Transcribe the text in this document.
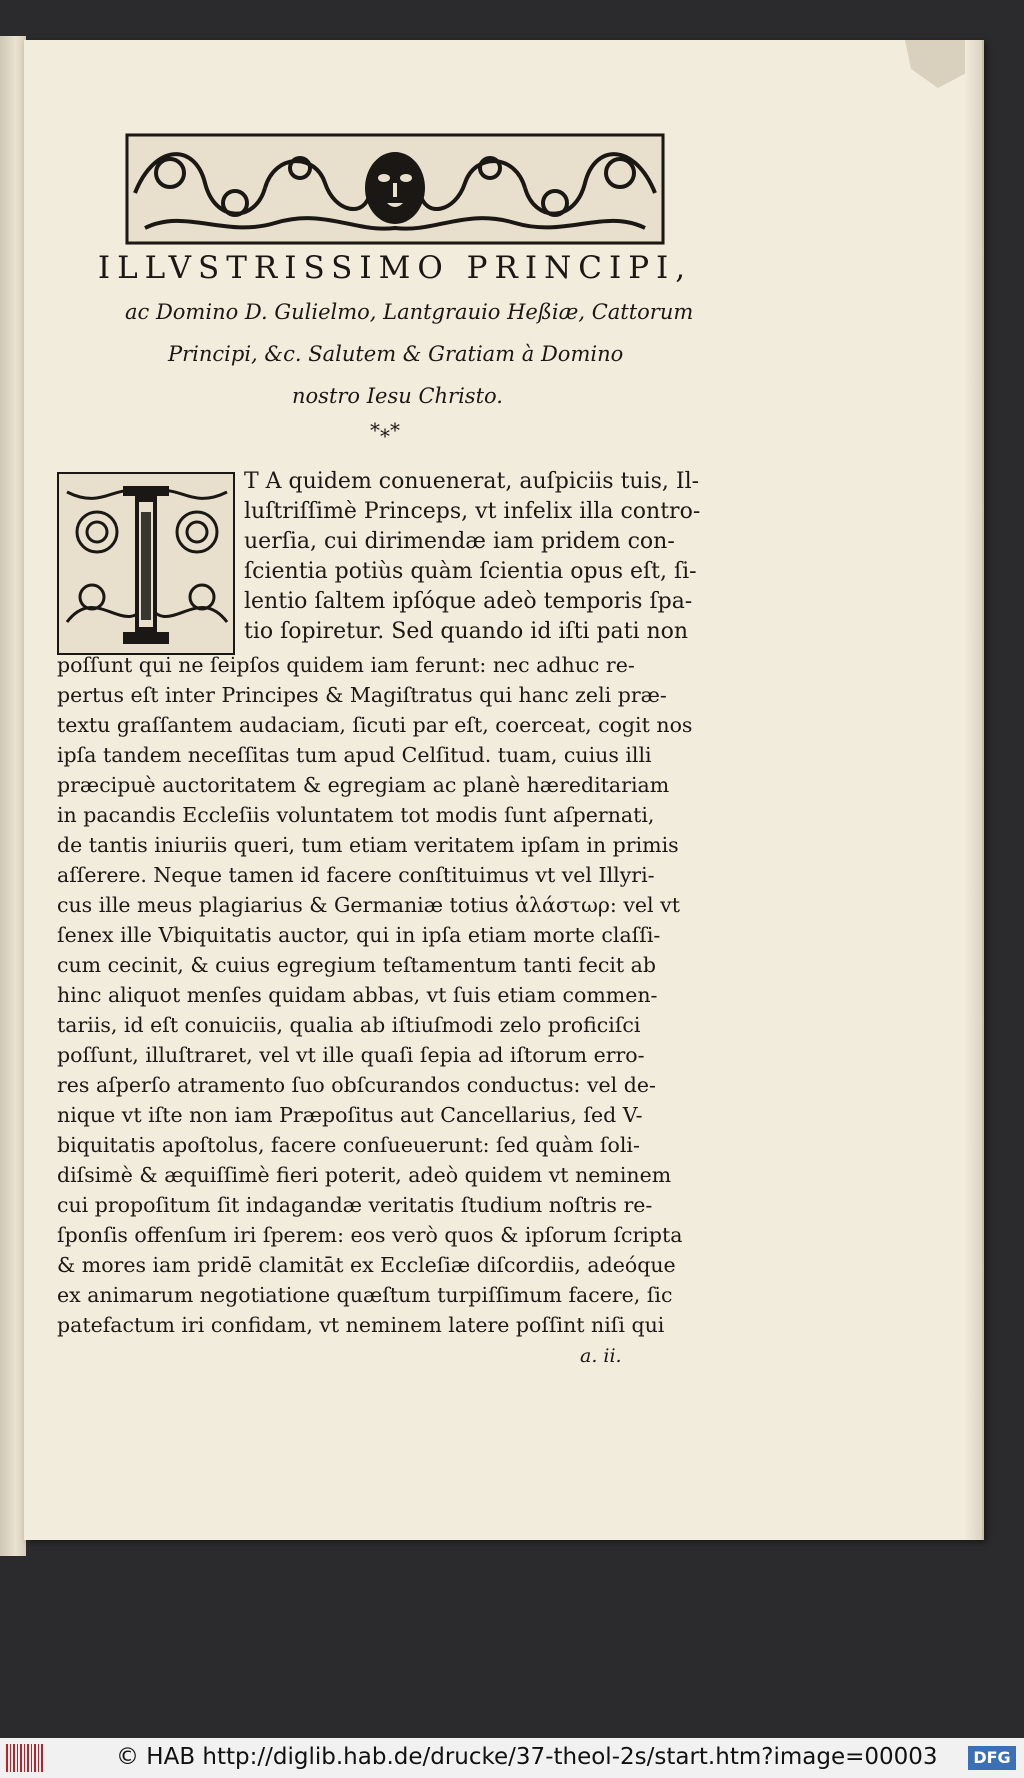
ILLVSTRISSIMO PRINCIPI,
ac Domino D. Gulielmo, Lantgrauio Heßiæ, Cattorum
Principi, &c. Salutem & Gratiam à Domino
nostro Iesu Christo.
*⁎*
T A quidem conuenerat, auſpiciis tuis, Il-
luſtriſſimè Princeps, vt infelix illa contro-
uerſia, cui dirimendæ iam pridem con-
ſcientia potiùs quàm ſcientia opus eſt, ſi-
lentio ſaltem ipſóque adeò temporis ſpa-
tio ſopiretur. Sed quando id iſti pati non
poſſunt qui ne ſeipſos quidem iam ferunt: nec adhuc re-
pertus eſt inter Principes & Magiſtratus qui hanc zeli præ-
textu graſſantem audaciam, ſicuti par eſt, coerceat, cogit nos
ipſa tandem neceſſitas tum apud Celſitud. tuam, cuius illi
præcipuè auctoritatem & egregiam ac planè hæreditariam
in pacandis Eccleſiis voluntatem tot modis ſunt aſpernati,
de tantis iniuriis queri, tum etiam veritatem ipſam in primis
aſſerere. Neque tamen id facere conſtituimus vt vel Illyri-
cus ille meus plagiarius & Germaniæ totius ἀλάστωρ: vel vt
ſenex ille Vbiquitatis auctor, qui in ipſa etiam morte claſſi-
cum cecinit, & cuius egregium teſtamentum tanti fecit ab
hinc aliquot menſes quidam abbas, vt ſuis etiam commen-
tariis, id eſt conuiciis, qualia ab iſtiuſmodi zelo proficiſci
poſſunt, illuſtraret, vel vt ille quaſi ſepia ad iſtorum erro-
res aſperſo atramento ſuo obſcurandos conductus: vel de-
nique vt iſte non iam Præpoſitus aut Cancellarius, ſed V-
biquitatis apoſtolus, facere conſueuerunt: ſed quàm ſoli-
diſsimè & æquiſſimè fieri poterit, adeò quidem vt neminem
cui propoſitum ſit indagandæ veritatis ſtudium noſtris re-
ſponſis offenſum iri ſperem: eos verò quos & ipſorum ſcripta
& mores iam pridē clamitāt ex Eccleſiæ diſcordiis, adeóque
ex animarum negotiatione quæſtum turpiſſimum facere, ſic
patefactum iri confidam, vt neminem latere poſſint niſi qui
a. ii.
© HAB http://diglib.hab.de/drucke/37-theol-2s/start.htm?image=00003	DFG
